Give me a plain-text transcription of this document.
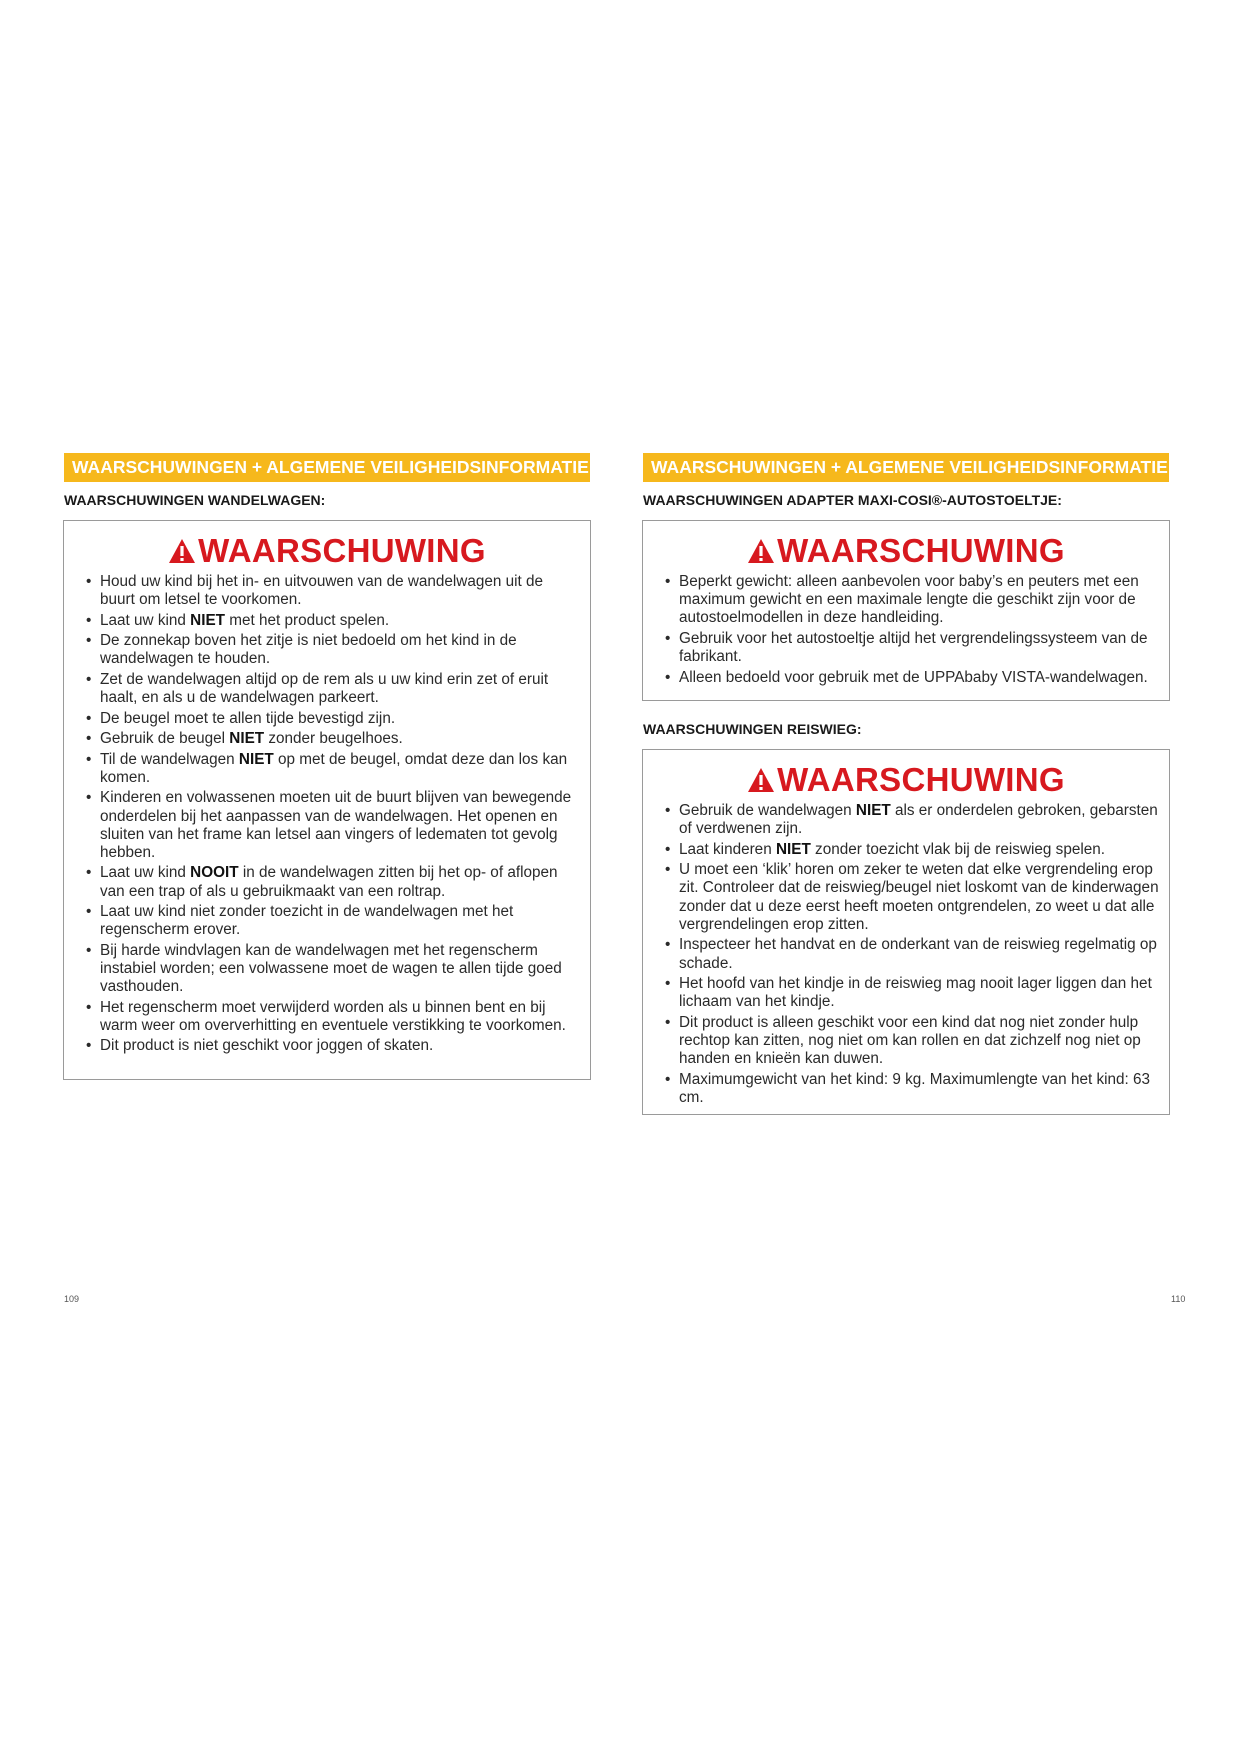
WAARSCHUWINGEN + ALGEMENE VEILIGHEIDSINFORMATIE
WAARSCHUWINGEN WANDELWAGEN:
WAARSCHUWING
• Houd uw kind bij het in- en uitvouwen van de wandelwagen uit de buurt om letsel te voorkomen.
• Laat uw kind NIET met het product spelen.
• De zonnekap boven het zitje is niet bedoeld om het kind in de wandelwagen te houden.
• Zet de wandelwagen altijd op de rem als u uw kind erin zet of eruit haalt, en als u de wandelwagen parkeert.
• De beugel moet te allen tijde bevestigd zijn.
• Gebruik de beugel NIET zonder beugelhoes.
• Til de wandelwagen NIET op met de beugel, omdat deze dan los kan komen.
• Kinderen en volwassenen moeten uit de buurt blijven van bewegende onderdelen bij het aanpassen van de wandelwagen. Het openen en sluiten van het frame kan letsel aan vingers of ledematen tot gevolg hebben.
• Laat uw kind NOOIT in de wandelwagen zitten bij het op- of aflopen van een trap of als u gebruikmaakt van een roltrap.
• Laat uw kind niet zonder toezicht in de wandelwagen met het regenscherm erover.
• Bij harde windvlagen kan de wandelwagen met het regenscherm instabiel worden; een volwassene moet de wagen te allen tijde goed vasthouden.
• Het regenscherm moet verwijderd worden als u binnen bent en bij warm weer om oververhitting en eventuele verstikking te voorkomen.
• Dit product is niet geschikt voor joggen of skaten.
109
WAARSCHUWINGEN + ALGEMENE VEILIGHEIDSINFORMATIE
WAARSCHUWINGEN ADAPTER MAXI-COSI®-AUTOSTOELTJE:
WAARSCHUWING
• Beperkt gewicht: alleen aanbevolen voor baby’s en peuters met een maximum gewicht en een maximale lengte die geschikt zijn voor de autostoelmodellen in deze handleiding.
• Gebruik voor het autostoeltje altijd het vergrendelingssysteem van de fabrikant.
• Alleen bedoeld voor gebruik met de UPPAbaby VISTA-wandelwagen.
WAARSCHUWINGEN REISWIEG:
WAARSCHUWING
• Gebruik de wandelwagen NIET als er onderdelen gebroken, gebarsten of verdwenen zijn.
• Laat kinderen NIET zonder toezicht vlak bij de reiswieg spelen.
• U moet een ‘klik’ horen om zeker te weten dat elke vergrendeling erop zit. Controleer dat de reiswieg/beugel niet loskomt van de kinderwagen zonder dat u deze eerst heeft moeten ontgrendelen, zo weet u dat alle vergrendelingen erop zitten.
• Inspecteer het handvat en de onderkant van de reiswieg regelmatig op schade.
• Het hoofd van het kindje in de reiswieg mag nooit lager liggen dan het lichaam van het kindje.
• Dit product is alleen geschikt voor een kind dat nog niet zonder hulp rechtop kan zitten, nog niet om kan rollen en dat zichzelf nog niet op handen en knieën kan duwen.
• Maximumgewicht van het kind: 9 kg. Maximumlengte van het kind: 63 cm.
110
